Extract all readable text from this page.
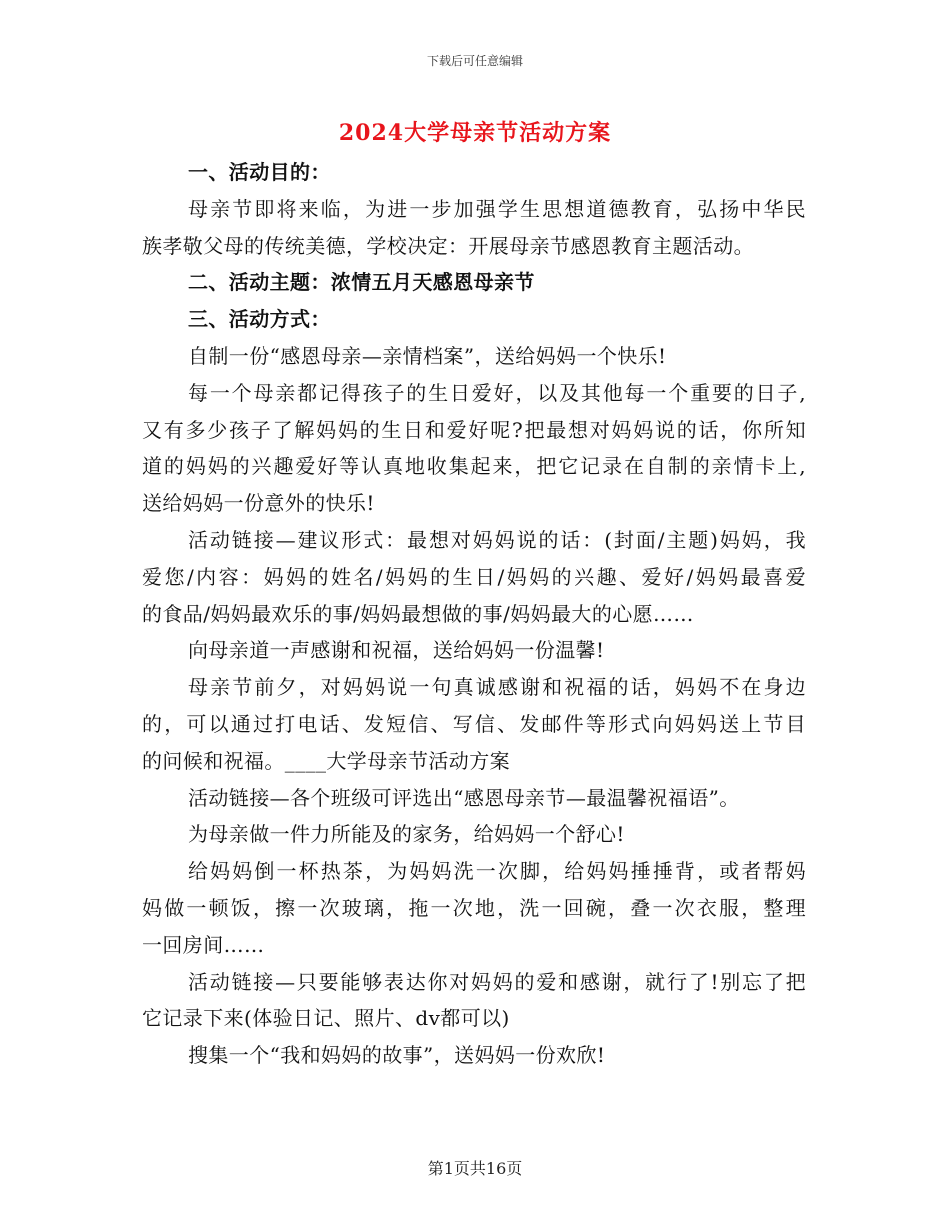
下载后可任意编辑
2024大学母亲节活动方案
一、活动目的：
母亲节即将来临，为进一步加强学生思想道德教育，弘扬中华民
族孝敬父母的传统美德，学校决定：开展母亲节感恩教育主题活动。
二、活动主题：浓情五月天感恩母亲节
三、活动方式：
自制一份“感恩母亲—亲情档案”，送给妈妈一个快乐!
每一个母亲都记得孩子的生日爱好，以及其他每一个重要的日子,
又有多少孩子了解妈妈的生日和爱好呢?把最想对妈妈说的话，你所知
道的妈妈的兴趣爱好等认真地收集起来，把它记录在自制的亲情卡上,
送给妈妈一份意外的快乐!
活动链接—建议形式：最想对妈妈说的话：(封面/主题)妈妈，我
爱您/内容：妈妈的姓名/妈妈的生日/妈妈的兴趣、爱好/妈妈最喜爱
的食品/妈妈最欢乐的事/妈妈最想做的事/妈妈最大的心愿……
向母亲道一声感谢和祝福，送给妈妈一份温馨!
母亲节前夕，对妈妈说一句真诚感谢和祝福的话，妈妈不在身边
的，可以通过打电话、发短信、写信、发邮件等形式向妈妈送上节目
的问候和祝福。____大学母亲节活动方案
活动链接—各个班级可评选出“感恩母亲节—最温馨祝福语”。
为母亲做一件力所能及的家务，给妈妈一个舒心!
给妈妈倒一杯热茶，为妈妈洗一次脚，给妈妈捶捶背，或者帮妈
妈做一顿饭，擦一次玻璃，拖一次地，洗一回碗，叠一次衣服，整理
一回房间……
活动链接—只要能够表达你对妈妈的爱和感谢，就行了!别忘了把
它记录下来(体验日记、照片、dv都可以)
搜集一个“我和妈妈的故事”，送妈妈一份欢欣!
第1页共16页
